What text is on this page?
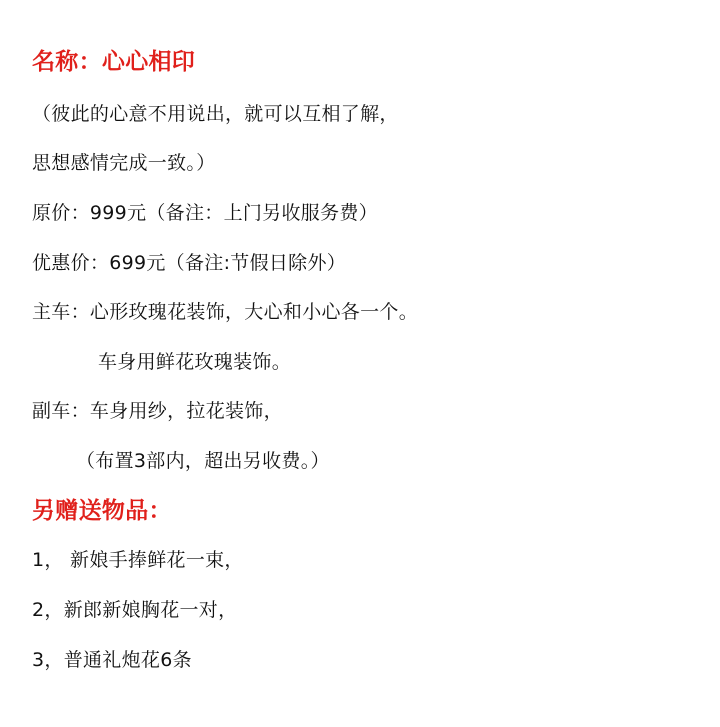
名称：心心相印
（彼此的心意不用说出，就可以互相了解，
思想感情完成一致。）
原价：999元（备注：上门另收服务费）
优惠价：699元（备注:节假日除外）
主车：心形玫瑰花装饰，大心和小心各一个。
车身用鲜花玫瑰装饰。
副车：车身用纱，拉花装饰，
（布置3部内，超出另收费。）
另赠送物品：
1， 新娘手捧鲜花一束，
2，新郎新娘胸花一对，
3，普通礼炮花6条
